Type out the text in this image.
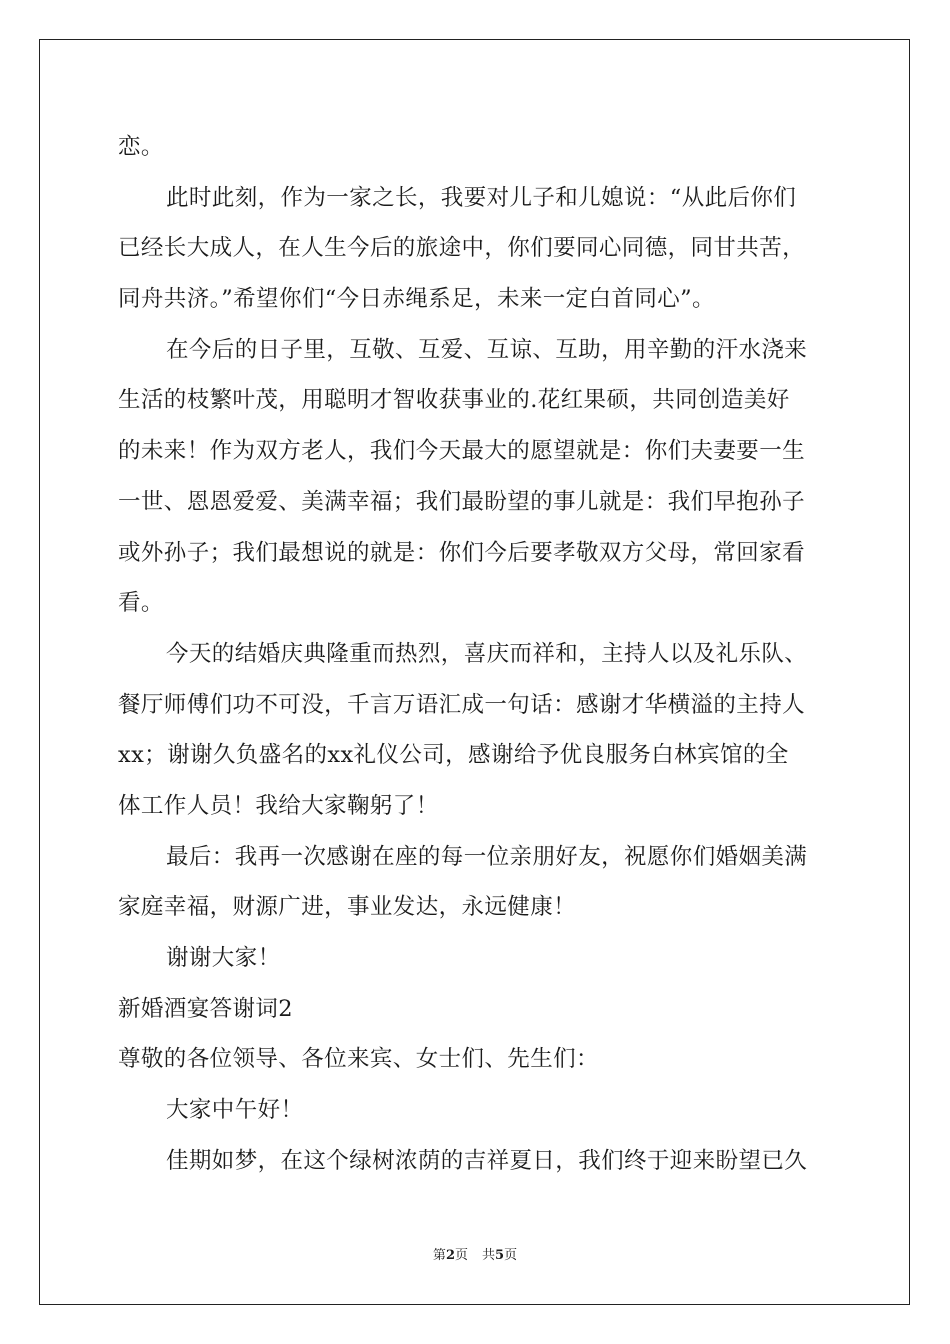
恋。
此时此刻，作为一家之长，我要对儿子和儿媳说：“从此后你们
已经长大成人，在人生今后的旅途中，你们要同心同德，同甘共苦，
同舟共济。”希望你们“今日赤绳系足，未来一定白首同心”。
在今后的日子里，互敬、互爱、互谅、互助，用辛勤的汗水浇来
生活的枝繁叶茂，用聪明才智收获事业的.花红果硕，共同创造美好
的未来！作为双方老人，我们今天最大的愿望就是：你们夫妻要一生
一世、恩恩爱爱、美满幸福；我们最盼望的事儿就是：我们早抱孙子
或外孙子；我们最想说的就是：你们今后要孝敬双方父母，常回家看
看。
今天的结婚庆典隆重而热烈，喜庆而祥和，主持人以及礼乐队、
餐厅师傅们功不可没，千言万语汇成一句话：感谢才华横溢的主持人
xx；谢谢久负盛名的xx礼仪公司，感谢给予优良服务白林宾馆的全
体工作人员！我给大家鞠躬了！
最后：我再一次感谢在座的每一位亲朋好友，祝愿你们婚姻美满
家庭幸福，财源广进，事业发达，永远健康！
谢谢大家！
新婚酒宴答谢词2
尊敬的各位领导、各位来宾、女士们、先生们：
大家中午好！
佳期如梦，在这个绿树浓荫的吉祥夏日，我们终于迎来盼望已久
第2页 共5页
